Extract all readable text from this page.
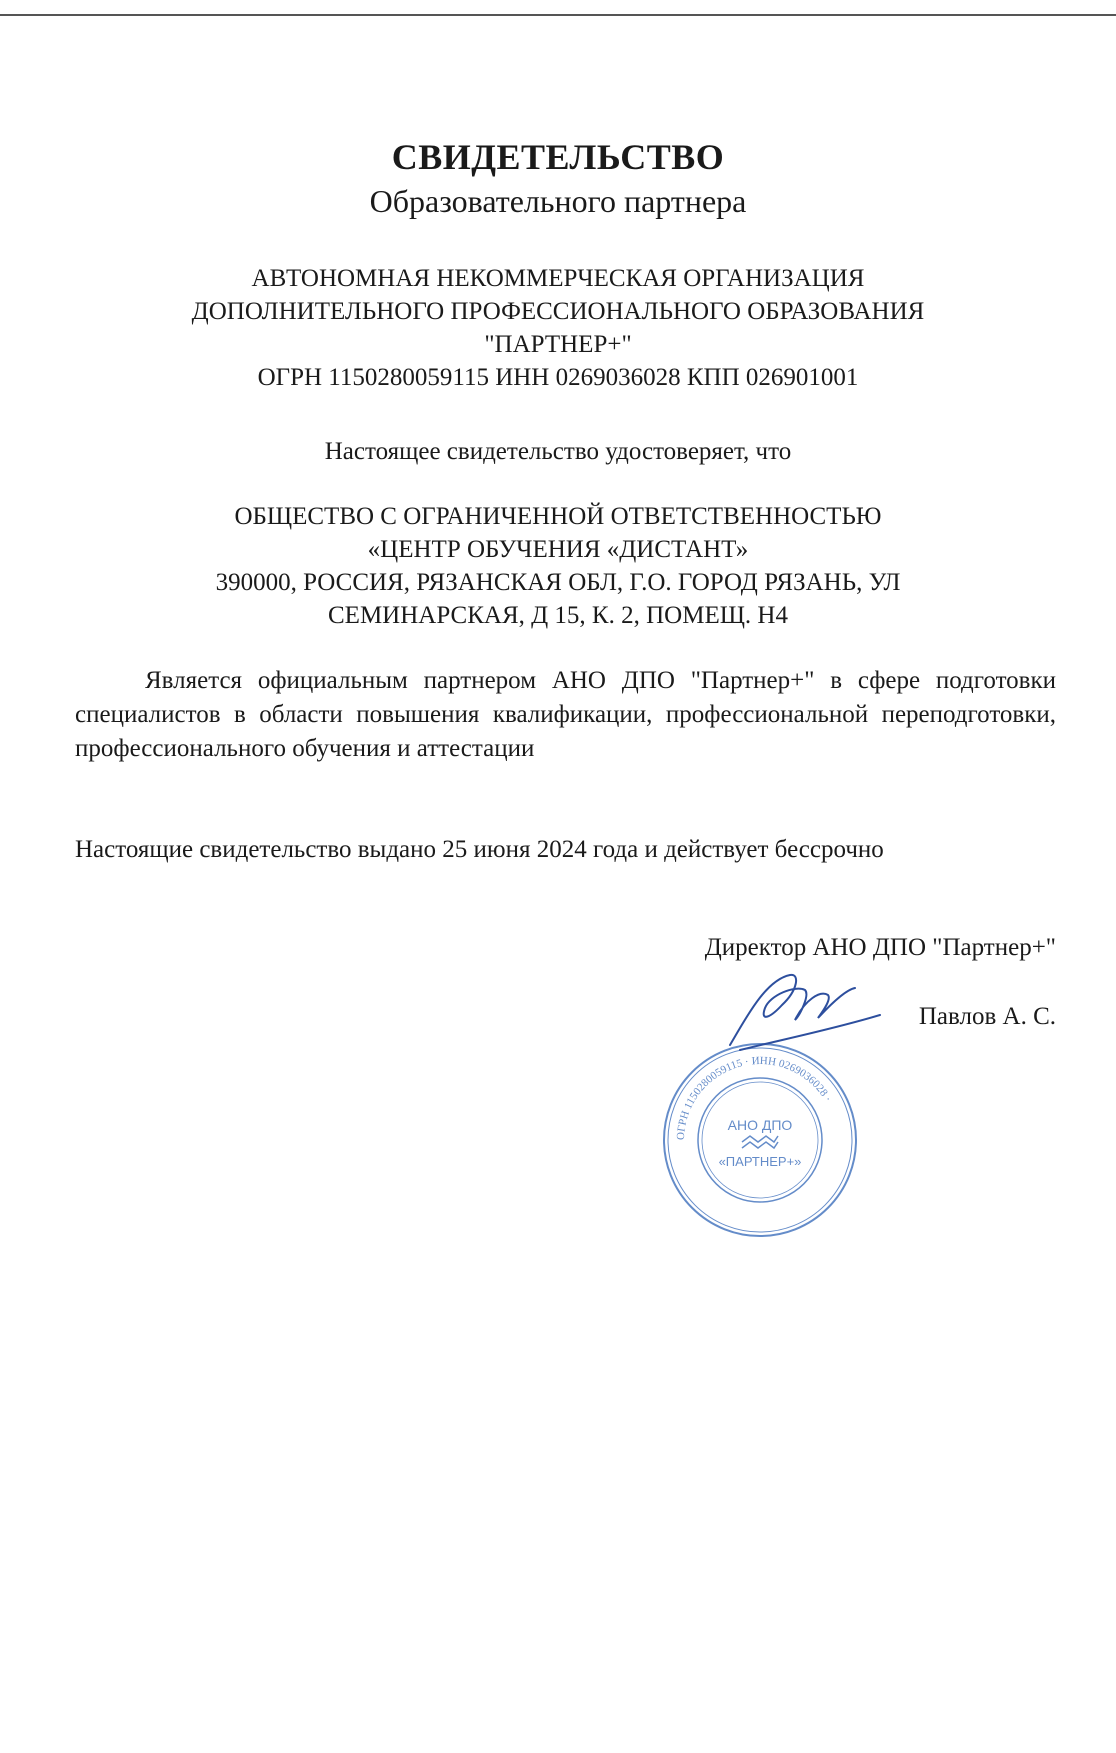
СВИДЕТЕЛЬСТВО
Образовательного партнера
АВТОНОМНАЯ НЕКОММЕРЧЕСКАЯ ОРГАНИЗАЦИЯ
ДОПОЛНИТЕЛЬНОГО ПРОФЕССИОНАЛЬНОГО ОБРАЗОВАНИЯ
"ПАРТНЕР+"
ОГРН 1150280059115 ИНН 0269036028 КПП 026901001
Настоящее свидетельство удостоверяет, что
ОБЩЕСТВО С ОГРАНИЧЕННОЙ ОТВЕТСТВЕННОСТЬЮ
«ЦЕНТР ОБУЧЕНИЯ «ДИСТАНТ»
390000, РОССИЯ, РЯЗАНСКАЯ ОБЛ, Г.О. ГОРОД РЯЗАНЬ, УЛ
СЕМИНАРСКАЯ, Д 15, К. 2, ПОМЕЩ. Н4
Является официальным партнером АНО ДПО "Партнер+" в сфере подготовки специалистов в области повышения квалификации, профессиональной переподготовки, профессионального обучения и аттестации
Настоящие свидетельство выдано 25 июня 2024 года и действует бессрочно
Директор АНО ДПО "Партнер+"
Павлов А. С.
ОГРН 1150280059115 · ИНН 0269036028 ·
АНО ДПО
«ПАРТНЕР+»
